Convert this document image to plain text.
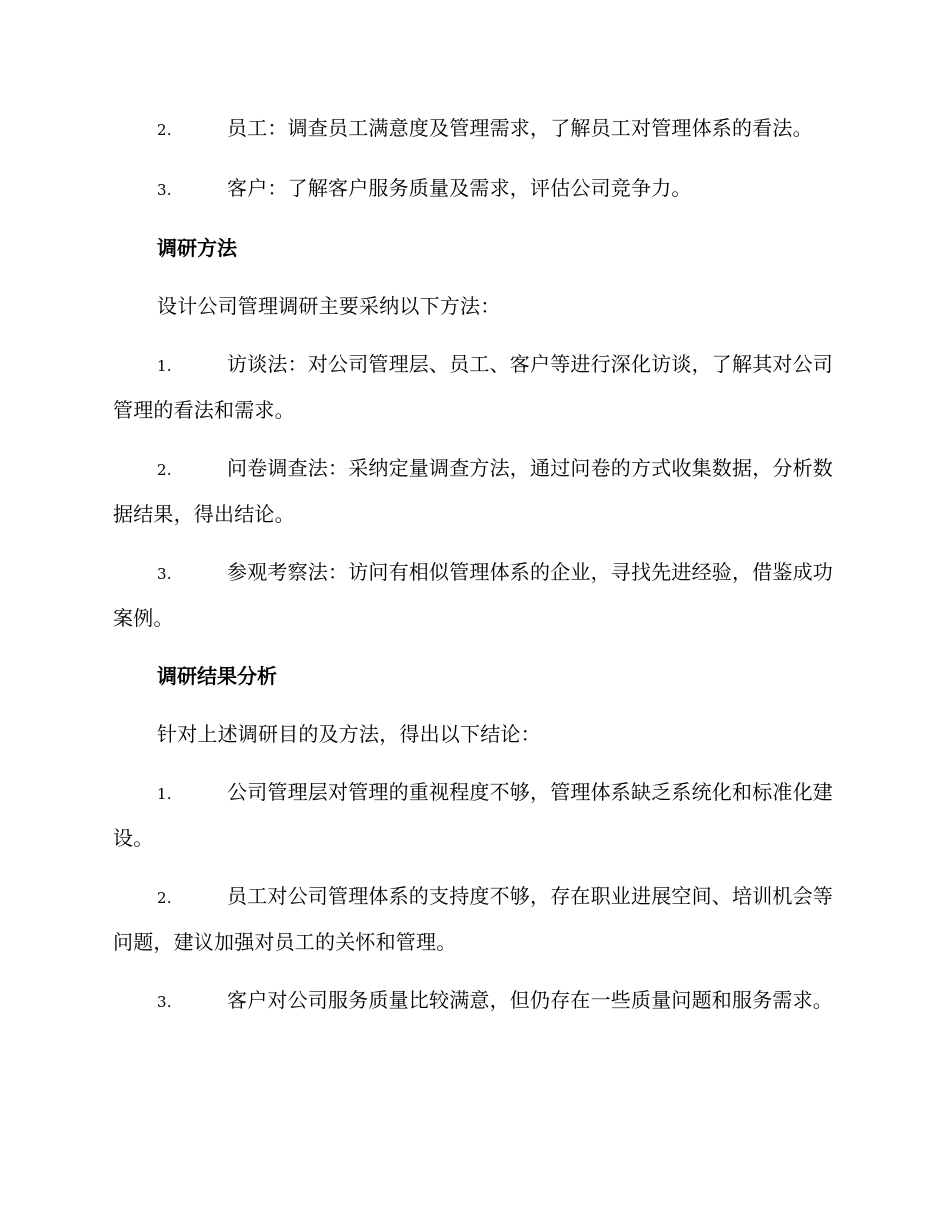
2.	员工：调查员工满意度及管理需求，了解员工对管理体系的看法。
3.	客户：了解客户服务质量及需求，评估公司竞争力。
调研方法
设计公司管理调研主要采纳以下方法：
1.	访谈法：对公司管理层、员工、客户等进行深化访谈，了解其对公司管理的看法和需求。
2.	问卷调查法：采纳定量调查方法，通过问卷的方式收集数据，分析数据结果，得出结论。
3.	参观考察法：访问有相似管理体系的企业，寻找先进经验，借鉴成功案例。
调研结果分析
针对上述调研目的及方法，得出以下结论：
1.	公司管理层对管理的重视程度不够，管理体系缺乏系统化和标准化建设。
2.	员工对公司管理体系的支持度不够，存在职业进展空间、培训机会等问题，建议加强对员工的关怀和管理。
3.	客户对公司服务质量比较满意，但仍存在一些质量问题和服务需求。
